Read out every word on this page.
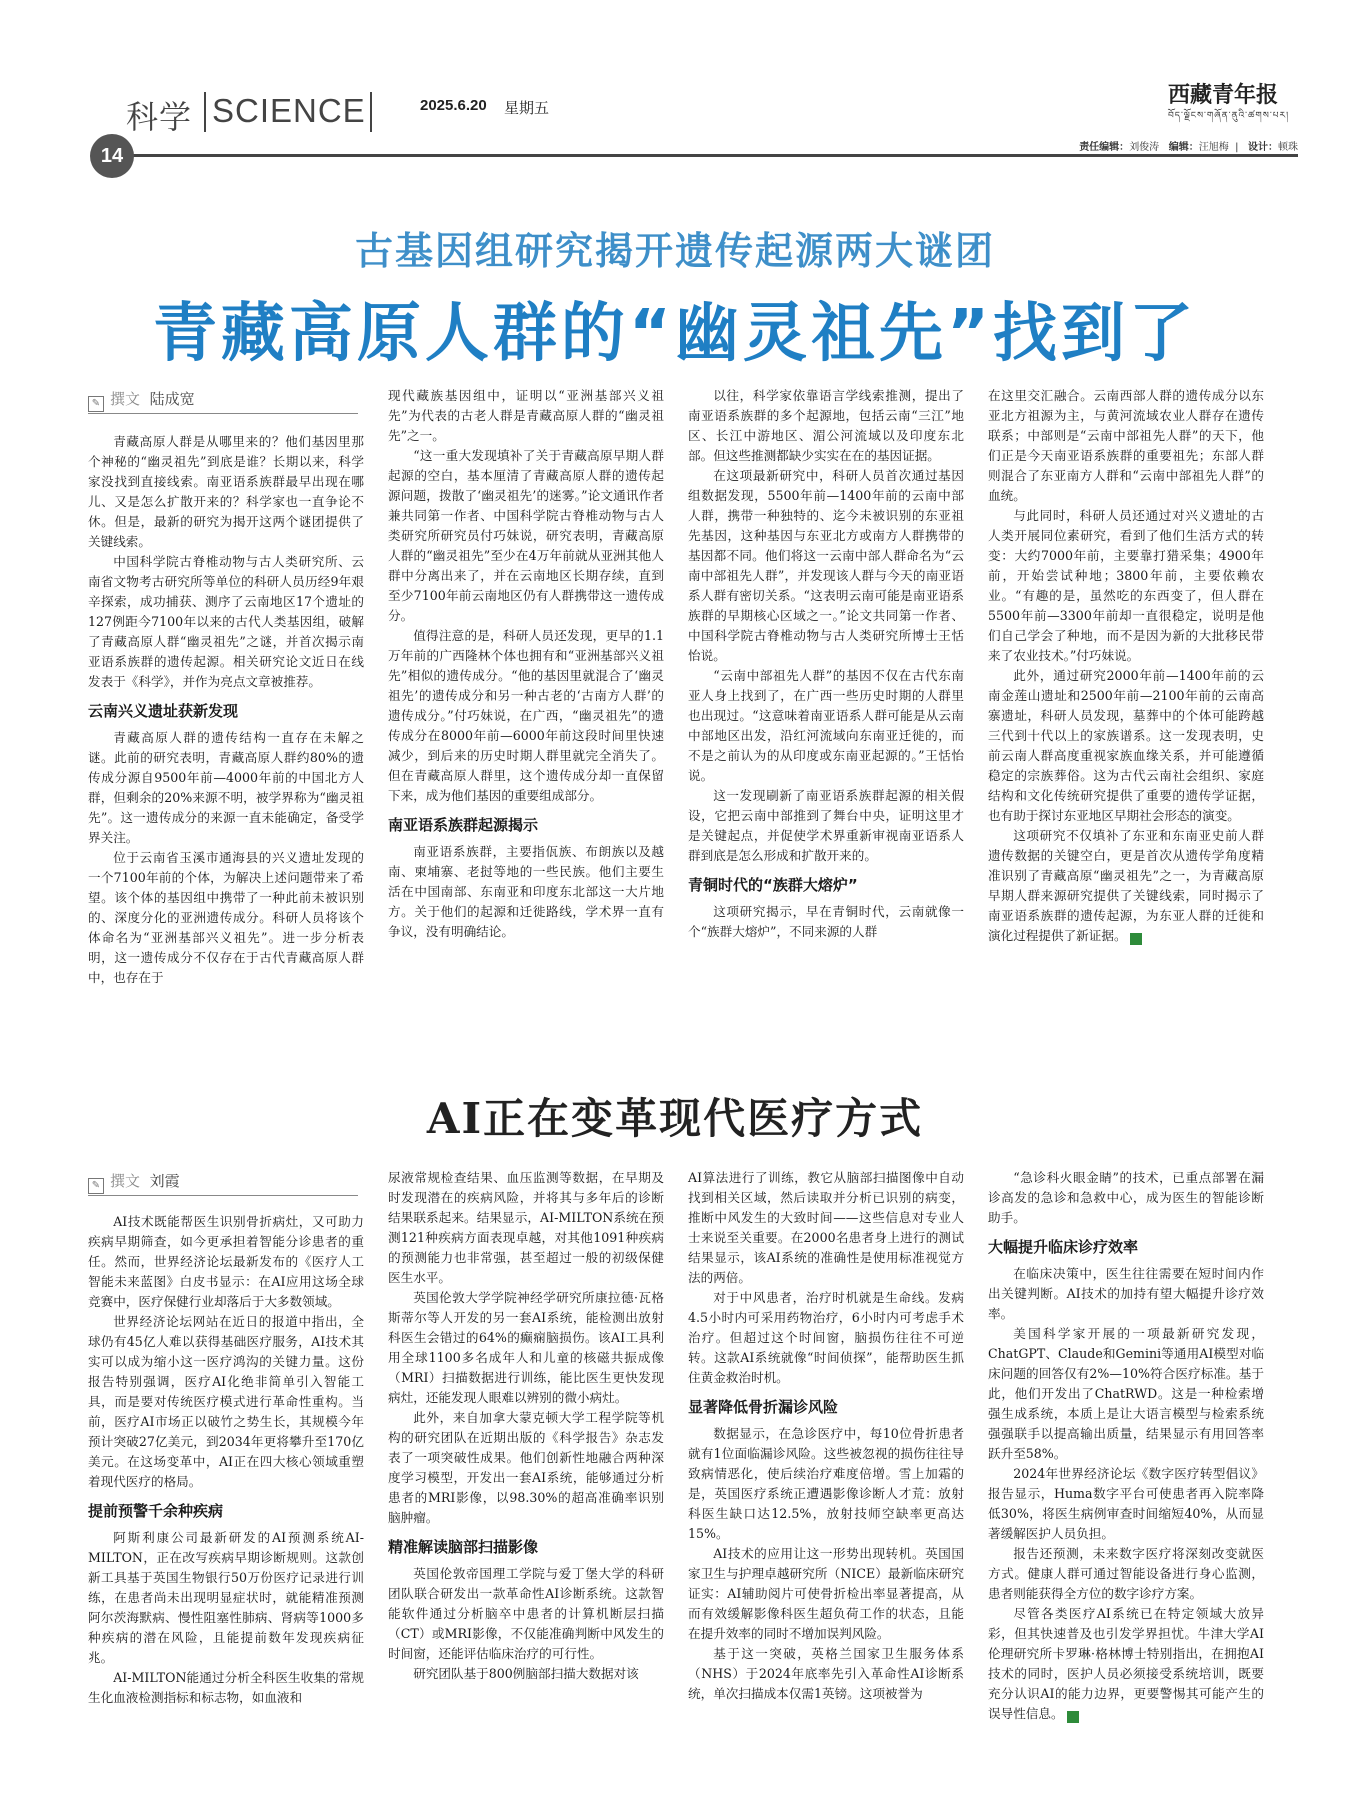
科学 SCIENCE	2025.6.20 星期五
14
西藏青年报
བོད་ལྗོངས་གཞོན་ནུའི་ཚགས་པར།
责任编辑：刘俊涛 编辑：汪旭梅  |   设计：顿珠
古基因组研究揭开遗传起源两大谜团
青藏高原人群的“幽灵祖先”找到了
✎ 撰文 陆成宽

青藏高原人群是从哪里来的？他们基因里那个神秘的“幽灵祖先”到底是谁？长期以来，科学家没找到直接线索。南亚语系族群最早出现在哪儿、又是怎么扩散开来的？科学家也一直争论不休。但是，最新的研究为揭开这两个谜团提供了关键线索。

中国科学院古脊椎动物与古人类研究所、云南省文物考古研究所等单位的科研人员历经9年艰辛探索，成功捕获、测序了云南地区17个遗址的127例距今7100年以来的古代人类基因组，破解了青藏高原人群“幽灵祖先”之谜，并首次揭示南亚语系族群的遗传起源。相关研究论文近日在线发表于《科学》，并作为亮点文章被推荐。

云南兴义遗址获新发现

青藏高原人群的遗传结构一直存在未解之谜。此前的研究表明，青藏高原人群约80%的遗传成分源自9500年前—4000年前的中国北方人群，但剩余的20%来源不明，被学界称为“幽灵祖先”。这一遗传成分的来源一直未能确定，备受学界关注。

位于云南省玉溪市通海县的兴义遗址发现的一个7100年前的个体，为解决上述问题带来了希望。该个体的基因组中携带了一种此前未被识别的、深度分化的亚洲遗传成分。科研人员将该个体命名为“亚洲基部兴义祖先”。进一步分析表明，这一遗传成分不仅存在于古代青藏高原人群中，也存在于

现代藏族基因组中，证明以“亚洲基部兴义祖先”为代表的古老人群是青藏高原人群的“幽灵祖先”之一。

“这一重大发现填补了关于青藏高原早期人群起源的空白，基本厘清了青藏高原人群的遗传起源问题，拨散了‘幽灵祖先’的迷雾。”论文通讯作者兼共同第一作者、中国科学院古脊椎动物与古人类研究所研究员付巧妹说，研究表明，青藏高原人群的“幽灵祖先”至少在4万年前就从亚洲其他人群中分离出来了，并在云南地区长期存续，直到至少7100年前云南地区仍有人群携带这一遗传成分。

值得注意的是，科研人员还发现，更早的1.1万年前的广西隆林个体也拥有和“亚洲基部兴义祖先”相似的遗传成分。“他的基因里就混合了‘幽灵祖先’的遗传成分和另一种古老的‘古南方人群’的遗传成分。”付巧妹说，在广西，“幽灵祖先”的遗传成分在8000年前—6000年前这段时间里快速减少，到后来的历史时期人群里就完全消失了。但在青藏高原人群里，这个遗传成分却一直保留下来，成为他们基因的重要组成部分。

南亚语系族群起源揭示

南亚语系族群，主要指佤族、布朗族以及越南、柬埔寨、老挝等地的一些民族。他们主要生活在中国南部、东南亚和印度东北部这一大片地方。关于他们的起源和迁徙路线，学术界一直有争议，没有明确结论。

以往，科学家依靠语言学线索推测，提出了南亚语系族群的多个起源地，包括云南“三江”地区、长江中游地区、湄公河流域以及印度东北部。但这些推测都缺少实实在在的基因证据。

在这项最新研究中，科研人员首次通过基因组数据发现，5500年前—1400年前的云南中部人群，携带一种独特的、迄今未被识别的东亚祖先基因，这种基因与东亚北方或南方人群携带的基因都不同。他们将这一云南中部人群命名为“云南中部祖先人群”，并发现该人群与今天的南亚语系人群有密切关系。“这表明云南可能是南亚语系族群的早期核心区域之一。”论文共同第一作者、中国科学院古脊椎动物与古人类研究所博士王恬怡说。

“云南中部祖先人群”的基因不仅在古代东南亚人身上找到了，在广西一些历史时期的人群里也出现过。“这意味着南亚语系人群可能是从云南中部地区出发，沿红河流域向东南亚迁徙的，而不是之前认为的从印度或东南亚起源的。”王恬怡说。

这一发现刷新了南亚语系族群起源的相关假设，它把云南中部推到了舞台中央，证明这里才是关键起点，并促使学术界重新审视南亚语系人群到底是怎么形成和扩散开来的。

青铜时代的“族群大熔炉”

这项研究揭示，早在青铜时代，云南就像一个“族群大熔炉”，不同来源的人群

在这里交汇融合。云南西部人群的遗传成分以东亚北方祖源为主，与黄河流域农业人群存在遗传联系；中部则是“云南中部祖先人群”的天下，他们正是今天南亚语系族群的重要祖先；东部人群则混合了东亚南方人群和“云南中部祖先人群”的血统。

与此同时，科研人员还通过对兴义遗址的古人类开展同位素研究，看到了他们生活方式的转变：大约7000年前，主要靠打猎采集；4900年前，开始尝试种地；3800年前，主要依赖农业。“有趣的是，虽然吃的东西变了，但人群在5500年前—3300年前却一直很稳定，说明是他们自己学会了种地，而不是因为新的大批移民带来了农业技术。”付巧妹说。

此外，通过研究2000年前—1400年前的云南金莲山遗址和2500年前—2100年前的云南高寨遗址，科研人员发现，墓葬中的个体可能跨越三代到十代以上的家族谱系。这一发现表明，史前云南人群高度重视家族血缘关系，并可能遵循稳定的宗族葬俗。这为古代云南社会组织、家庭结构和文化传统研究提供了重要的遗传学证据，也有助于探讨东亚地区早期社会形态的演变。

这项研究不仅填补了东亚和东南亚史前人群遗传数据的关键空白，更是首次从遗传学角度精准识别了青藏高原“幽灵祖先”之一，为青藏高原早期人群来源研究提供了关键线索，同时揭示了南亚语系族群的遗传起源，为东亚人群的迁徙和演化过程提供了新证据。	青

AI正在变革现代医疗方式
✎ 撰文 刘霞

AI技术既能帮医生识别骨折病灶，又可助力疾病早期筛查，如今更承担着智能分诊患者的重任。然而，世界经济论坛最新发布的《医疗人工智能未来蓝图》白皮书显示：在AI应用这场全球竞赛中，医疗保健行业却落后于大多数领域。

世界经济论坛网站在近日的报道中指出，全球仍有45亿人难以获得基础医疗服务，AI技术其实可以成为缩小这一医疗鸿沟的关键力量。这份报告特别强调，医疗AI化绝非简单引入智能工具，而是要对传统医疗模式进行革命性重构。当前，医疗AI市场正以破竹之势生长，其规模今年预计突破27亿美元，到2034年更将攀升至170亿美元。在这场变革中，AI正在四大核心领域重塑着现代医疗的格局。

提前预警千余种疾病

阿斯利康公司最新研发的AI预测系统AI-MILTON，正在改写疾病早期诊断规则。这款创新工具基于英国生物银行50万份医疗记录进行训练，在患者尚未出现明显症状时，就能精准预测阿尔茨海默病、慢性阻塞性肺病、肾病等1000多种疾病的潜在风险，且能提前数年发现疾病征兆。

AI-MILTON能通过分析全科医生收集的常规生化血液检测指标和标志物，如血液和

尿液常规检查结果、血压监测等数据，在早期及时发现潜在的疾病风险，并将其与多年后的诊断结果联系起来。结果显示，AI-MILTON系统在预测121种疾病方面表现卓越，对其他1091种疾病的预测能力也非常强，甚至超过一般的初级保健医生水平。

英国伦敦大学学院神经学研究所康拉德·瓦格斯蒂尔等人开发的另一套AI系统，能检测出放射科医生会错过的64%的癫痫脑损伤。该AI工具利用全球1100多名成年人和儿童的核磁共振成像（MRI）扫描数据进行训练，能比医生更快发现病灶，还能发现人眼难以辨别的微小病灶。

此外，来自加拿大蒙克顿大学工程学院等机构的研究团队在近期出版的《科学报告》杂志发表了一项突破性成果。他们创新性地融合两种深度学习模型，开发出一套AI系统，能够通过分析患者的MRI影像，以98.30%的超高准确率识别脑肿瘤。

精准解读脑部扫描影像

英国伦敦帝国理工学院与爱丁堡大学的科研团队联合研发出一款革命性AI诊断系统。这款智能软件通过分析脑卒中患者的计算机断层扫描（CT）或MRI影像，不仅能准确判断中风发生的时间窗，还能评估临床治疗的可行性。

研究团队基于800例脑部扫描大数据对该

AI算法进行了训练，教它从脑部扫描图像中自动找到相关区域，然后读取并分析已识别的病变，推断中风发生的大致时间——这些信息对专业人士来说至关重要。在2000名患者身上进行的测试结果显示，该AI系统的准确性是使用标准视觉方法的两倍。

对于中风患者，治疗时机就是生命线。发病4.5小时内可采用药物治疗，6小时内可考虑手术治疗。但超过这个时间窗，脑损伤往往不可逆转。这款AI系统就像“时间侦探”，能帮助医生抓住黄金救治时机。

显著降低骨折漏诊风险

数据显示，在急诊医疗中，每10位骨折患者就有1位面临漏诊风险。这些被忽视的损伤往往导致病情恶化，使后续治疗难度倍增。雪上加霜的是，英国医疗系统正遭遇影像诊断人才荒：放射科医生缺口达12.5%，放射技师空缺率更高达15%。

AI技术的应用让这一形势出现转机。英国国家卫生与护理卓越研究所（NICE）最新临床研究证实：AI辅助阅片可使骨折检出率显著提高，从而有效缓解影像科医生超负荷工作的状态，且能在提升效率的同时不增加误判风险。

基于这一突破，英格兰国家卫生服务体系（NHS）于2024年底率先引入革命性AI诊断系统，单次扫描成本仅需1英镑。这项被誉为

“急诊科火眼金睛”的技术，已重点部署在漏诊高发的急诊和急救中心，成为医生的智能诊断助手。

大幅提升临床诊疗效率

在临床决策中，医生往往需要在短时间内作出关键判断。AI技术的加持有望大幅提升诊疗效率。

美国科学家开展的一项最新研究发现，ChatGPT、Claude和Gemini等通用AI模型对临床问题的回答仅有2%—10%符合医疗标准。基于此，他们开发出了ChatRWD。这是一种检索增强生成系统，本质上是让大语言模型与检索系统强强联手以提高输出质量，结果显示有用回答率跃升至58%。

2024年世界经济论坛《数字医疗转型倡议》报告显示，Huma数字平台可使患者再入院率降低30%，将医生病例审查时间缩短40%，从而显著缓解医护人员负担。

报告还预测，未来数字医疗将深刻改变就医方式。健康人群可通过智能设备进行身心监测，患者则能获得全方位的数字诊疗方案。

尽管各类医疗AI系统已在特定领域大放异彩，但其快速普及也引发学界担忧。牛津大学AI伦理研究所卡罗琳·格林博士特别指出，在拥抱AI技术的同时，医护人员必须接受系统培训，既要充分认识AI的能力边界，更要警惕其可能产生的误导性信息。	青
